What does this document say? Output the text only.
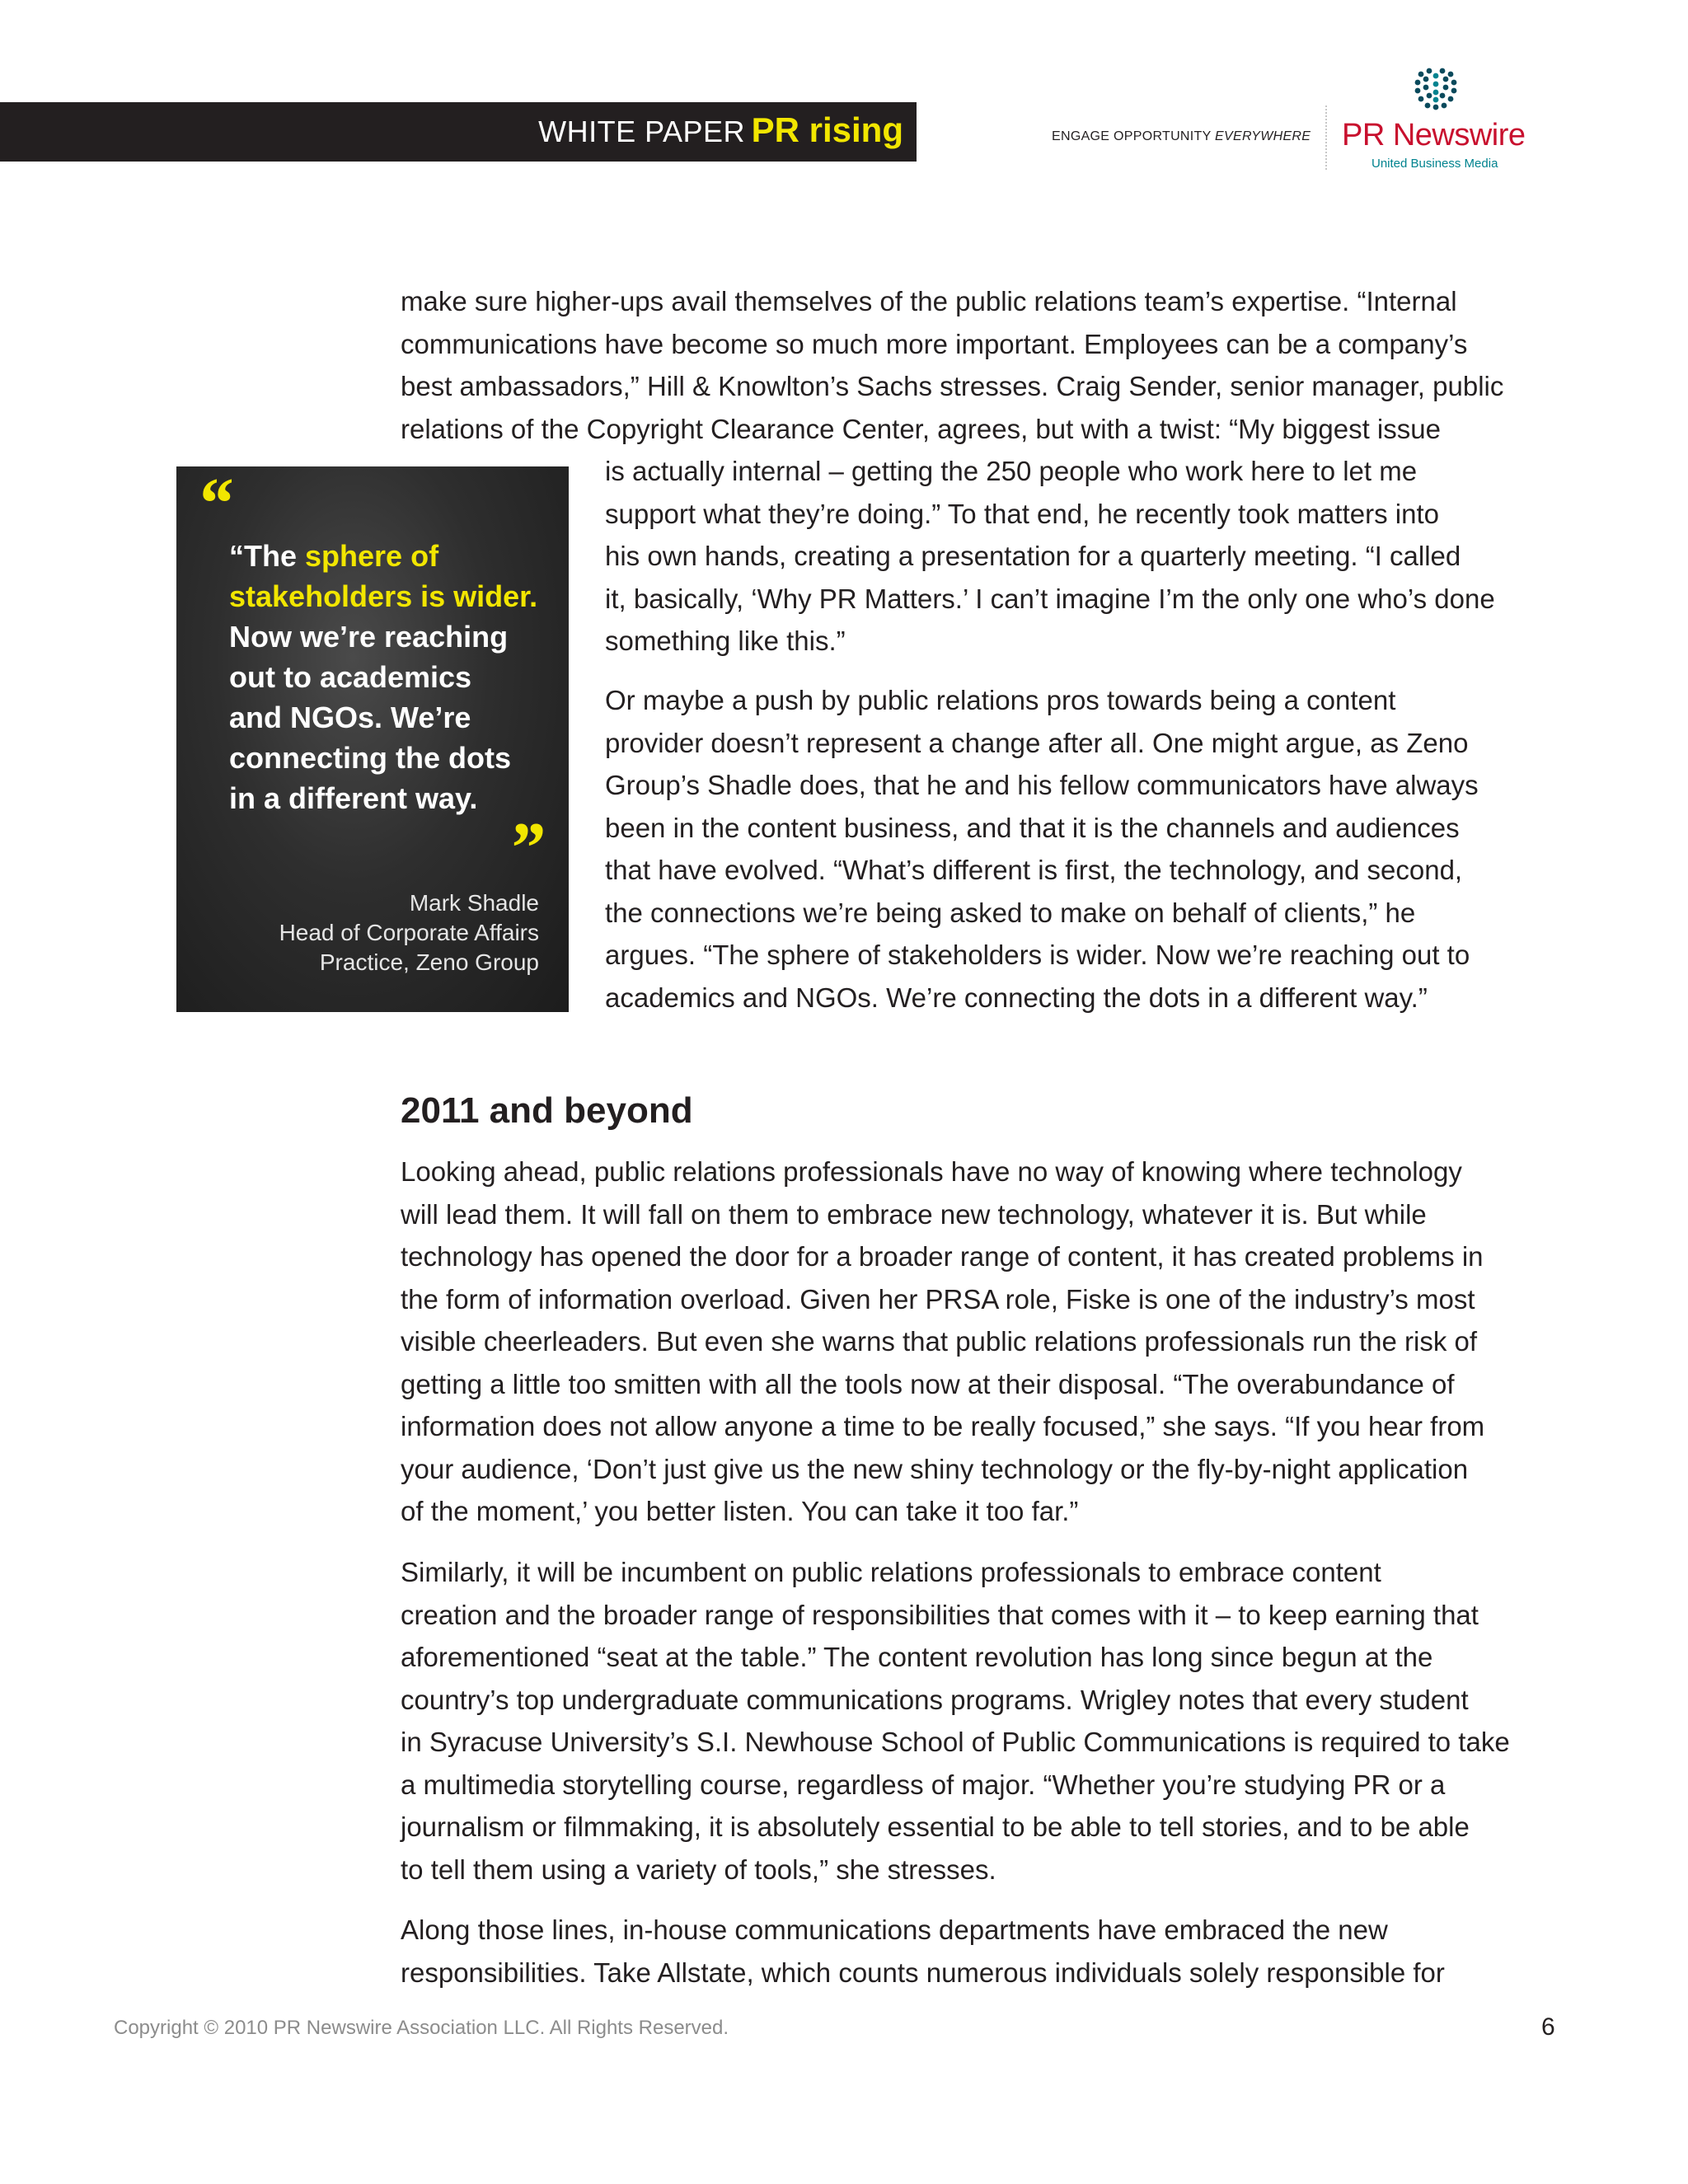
WHITE PAPER PR rising	ENGAGE OPPORTUNITY EVERYWHERE PR Newswire
United Business Media
make sure higher-ups avail themselves of the public relations team’s expertise. “Internal
communications have become so much more important. Employees can be a company’s
best ambassadors,” Hill & Knowlton’s Sachs stresses. Craig Sender, senior manager, public
relations of the Copyright Clearance Center, agrees, but with a twist: “My biggest issue
is actually internal – getting the 250 people who work here to let me
support what they’re doing.” To that end, he recently took matters into
his own hands, creating a presentation for a quarterly meeting. “I called
it, basically, ‘Why PR Matters.’ I can’t imagine I’m the only one who’s done
something like this.”
Or maybe a push by public relations pros towards being a content
provider doesn’t represent a change after all. One might argue, as Zeno
Group’s Shadle does, that he and his fellow communicators have always
been in the content business, and that it is the channels and audiences
that have evolved. “What’s different is first, the technology, and second,
the connections we’re being asked to make on behalf of clients,” he
argues. “The sphere of stakeholders is wider. Now we’re reaching out to
academics and NGOs. We’re connecting the dots in a different way.”
“
“The sphere of
stakeholders is wider.
Now we’re reaching
out to academics
and NGOs. We’re
connecting the dots
in a different way.
”
Mark Shadle
Head of Corporate Affairs
Practice, Zeno Group
2011 and beyond
Looking ahead, public relations professionals have no way of knowing where technology
will lead them. It will fall on them to embrace new technology, whatever it is. But while
technology has opened the door for a broader range of content, it has created problems in
the form of information overload. Given her PRSA role, Fiske is one of the industry’s most
visible cheerleaders. But even she warns that public relations professionals run the risk of
getting a little too smitten with all the tools now at their disposal. “The overabundance of
information does not allow anyone a time to be really focused,” she says. “If you hear from
your audience, ‘Don’t just give us the new shiny technology or the fly-by-night application
of the moment,’ you better listen. You can take it too far.”
Similarly, it will be incumbent on public relations professionals to embrace content
creation and the broader range of responsibilities that comes with it – to keep earning that
aforementioned “seat at the table.” The content revolution has long since begun at the
country’s top undergraduate communications programs. Wrigley notes that every student
in Syracuse University’s S.I. Newhouse School of Public Communications is required to take
a multimedia storytelling course, regardless of major. “Whether you’re studying PR or a
journalism or filmmaking, it is absolutely essential to be able to tell stories, and to be able
to tell them using a variety of tools,” she stresses.
Along those lines, in-house communications departments have embraced the new
responsibilities. Take Allstate, which counts numerous individuals solely responsible for
Copyright © 2010 PR Newswire Association LLC. All Rights Reserved.	6
